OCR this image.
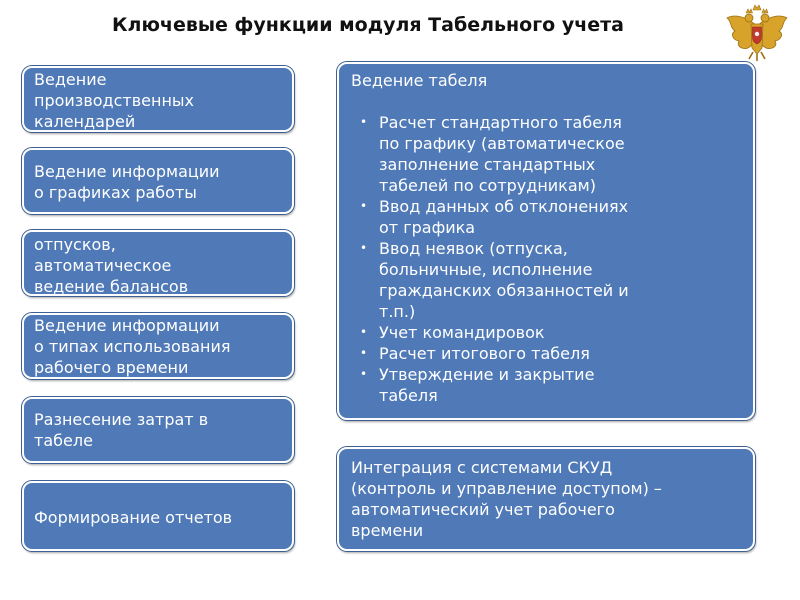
Ключевые функции модуля Табельного учета
Ведение
производственных
календарей
Ведение информации
о графиках работы
отпусков,
автоматическое
ведение балансов
Ведение информации
о типах использования
рабочего времени
Разнесение затрат в
табеле
Формирование отчетов
Ведение табеля
• Расчет стандартного табеля
по графику (автоматическое
заполнение стандартных
табелей по сотрудникам)
• Ввод данных об отклонениях
от графика
• Ввод неявок (отпуска,
больничные, исполнение
гражданских обязанностей и
т.п.)
• Учет командировок
• Расчет итогового табеля
• Утверждение и закрытие
табеля
Интеграция с системами СКУД
(контроль и управление доступом) –
автоматический учет рабочего
времени
